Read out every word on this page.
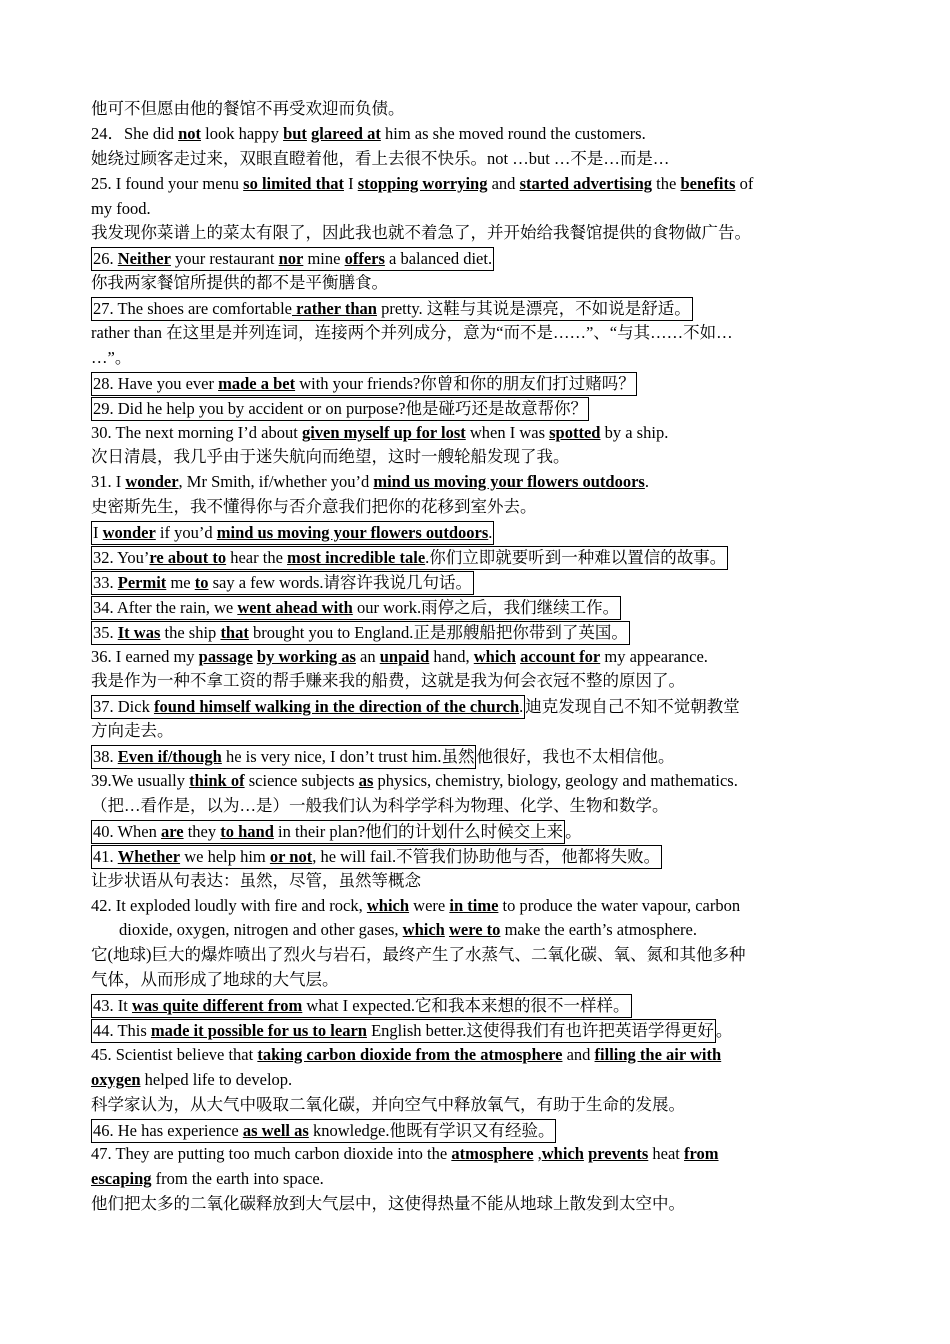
他可不但愿由他的餐馆不再受欢迎而负债。
24．She did not look happy but glareed at him as she moved round the customers.
她绕过顾客走过来，双眼直瞪着他，看上去很不快乐。not …but …不是…而是…
25. I found your menu so limited that I stopping worrying and started advertising the benefits of
my food.
我发现你菜谱上的菜太有限了，因此我也就不着急了，并开始给我餐馆提供的食物做广告。
26. Neither your restaurant nor mine offers a balanced diet.
你我两家餐馆所提供的都不是平衡膳食。
27. The shoes are comfortable rather than pretty. 这鞋与其说是漂亮，不如说是舒适。
rather than 在这里是并列连词，连接两个并列成分，意为“而不是……”、“与其……不如…
…”。
28. Have you ever made a bet with your friends?你曾和你的朋友们打过赌吗？
29. Did he help you by accident or on purpose?他是碰巧还是故意帮你？
30. The next morning I’d about given myself up for lost when I was spotted by a ship.
次日清晨，我几乎由于迷失航向而绝望，这时一艘轮船发现了我。
31. I wonder, Mr Smith, if/whether you’d mind us moving your flowers outdoors.
史密斯先生，我不懂得你与否介意我们把你的花移到室外去。
I wonder if you’d mind us moving your flowers outdoors.
32. You’re about to hear the most incredible tale.你们立即就要听到一种难以置信的故事。
33. Permit me to say a few words.请容许我说几句话。
34. After the rain, we went ahead with our work.雨停之后，我们继续工作。
35. It was the ship that brought you to England.正是那艘船把你带到了英国。
36. I earned my passage by working as an unpaid hand, which account for my appearance.
我是作为一种不拿工资的帮手赚来我的船费，这就是我为何会衣冠不整的原因了。
37. Dick found himself walking in the direction of the church. 迪克发现自己不知不觉朝教堂
方向走去。
38. Even if/though he is very nice, I don’t trust him.虽然 他很好，我也不太相信他。
39.We usually think of science subjects as physics, chemistry, biology, geology and mathematics.
（把…看作是，以为…是）一般我们认为科学学科为物理、化学、生物和数学。
40. When are they to hand in their plan?他们的计划什么时候交上来 。
41. Whether we help him or not, he will fail.不管我们协助他与否，他都将失败。
让步状语从句表达：虽然，尽管，虽然等概念
42. It exploded loudly with fire and rock, which were in time to produce the water vapour, carbon
dioxide, oxygen, nitrogen and other gases, which were to make the earth’s atmosphere.
它(地球)巨大的爆炸喷出了烈火与岩石，最终产生了水蒸气、二氧化碳、氧、氮和其他多种
气体，从而形成了地球的大气层。
43. It was quite different from what I expected.它和我本来想的很不一样样。
44. This made it possible for us to learn English better.这使得我们有也许把英语学得更好 。
45. Scientist believe that taking carbon dioxide from the atmosphere and filling the air with
oxygen helped life to develop.
科学家认为，从大气中吸取二氧化碳，并向空气中释放氧气，有助于生命的发展。
46. He has experience as well as knowledge.他既有学识又有经验。
47. They are putting too much carbon dioxide into the atmosphere ,which prevents heat from
escaping from the earth into space.
他们把太多的二氧化碳释放到大气层中，这使得热量不能从地球上散发到太空中。
